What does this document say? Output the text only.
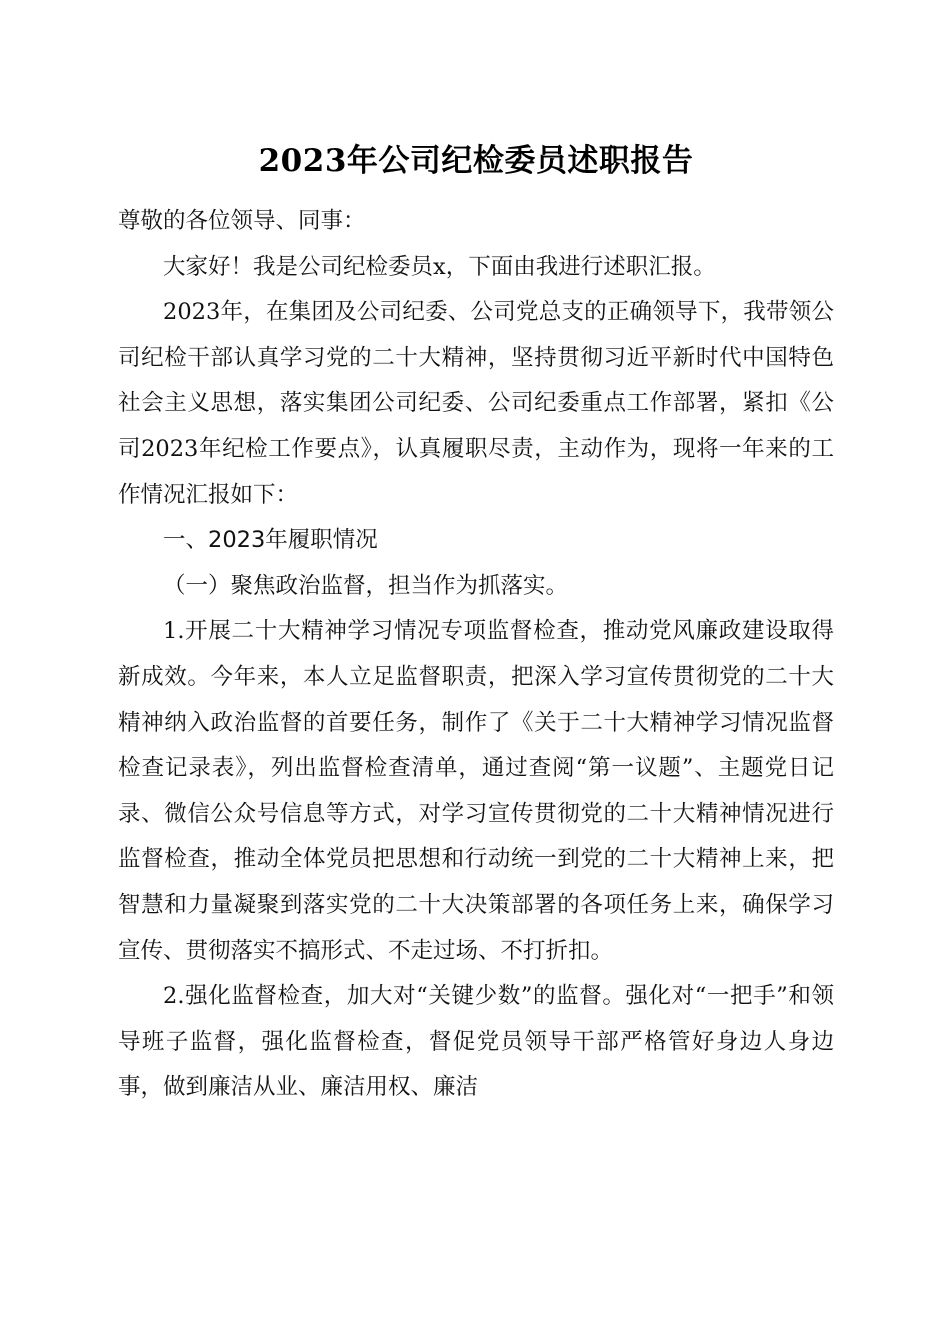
2023年公司纪检委员述职报告

尊敬的各位领导、同事：

大家好！我是公司纪检委员x，下面由我进行述职汇报。

2023年，在集团及公司纪委、公司党总支的正确领导下，我带领公司纪检干部认真学习党的二十大精神，坚持贯彻习近平新时代中国特色社会主义思想，落实集团公司纪委、公司纪委重点工作部署，紧扣《公司2023年纪检工作要点》，认真履职尽责，主动作为，现将一年来的工作情况汇报如下：

一、2023年履职情况

（一）聚焦政治监督，担当作为抓落实。

1.开展二十大精神学习情况专项监督检查，推动党风廉政建设取得新成效。今年来，本人立足监督职责，把深入学习宣传贯彻党的二十大精神纳入政治监督的首要任务，制作了《关于二十大精神学习情况监督检查记录表》，列出监督检查清单，通过查阅“第一议题”、主题党日记录、微信公众号信息等方式，对学习宣传贯彻党的二十大精神情况进行监督检查，推动全体党员把思想和行动统一到党的二十大精神上来，把智慧和力量凝聚到落实党的二十大决策部署的各项任务上来，确保学习宣传、贯彻落实不搞形式、不走过场、不打折扣。

2.强化监督检查，加大对“关键少数”的监督。强化对“一把手”和领导班子监督，强化监督检查，督促党员领导干部严格管好身边人身边事，做到廉洁从业、廉洁用权、廉洁
